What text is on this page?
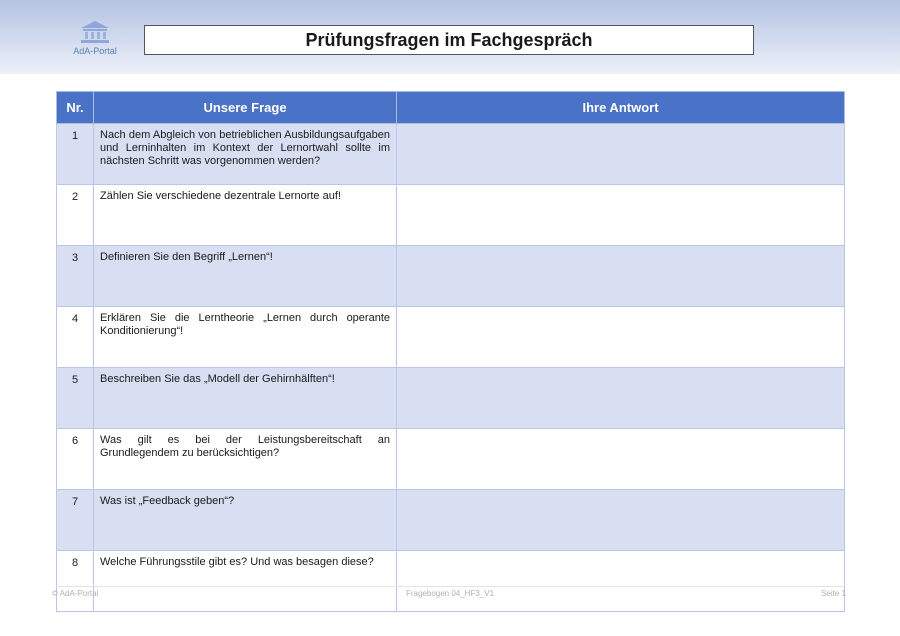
AdA-Portal
Prüfungsfragen im Fachgespräch
Nr.	Unsere Frage	Ihre Antwort
1	Nach dem Abgleich von betrieblichen Ausbildungsaufgaben und Lerninhalten im Kontext der Lernortwahl sollte im nächsten Schritt was vorgenommen werden?	

2	Zählen Sie verschiedene dezentrale Lernorte auf!	

3	Definieren Sie den Begriff „Lernen“!	

4	Erklären Sie die Lerntheorie „Lernen durch operante Konditionierung“!	

5	Beschreiben Sie das „Modell der Gehirnhälften“!	

6	Was gilt es bei der Leistungsbereitschaft an Grundlegendem zu berücksichtigen?	

7	Was ist „Feedback geben“?	

8	Welche Führungsstile gibt es? Und was besagen diese?	

© AdA-Portal	Fragebogen 04_HF3_V1	Seite 1
